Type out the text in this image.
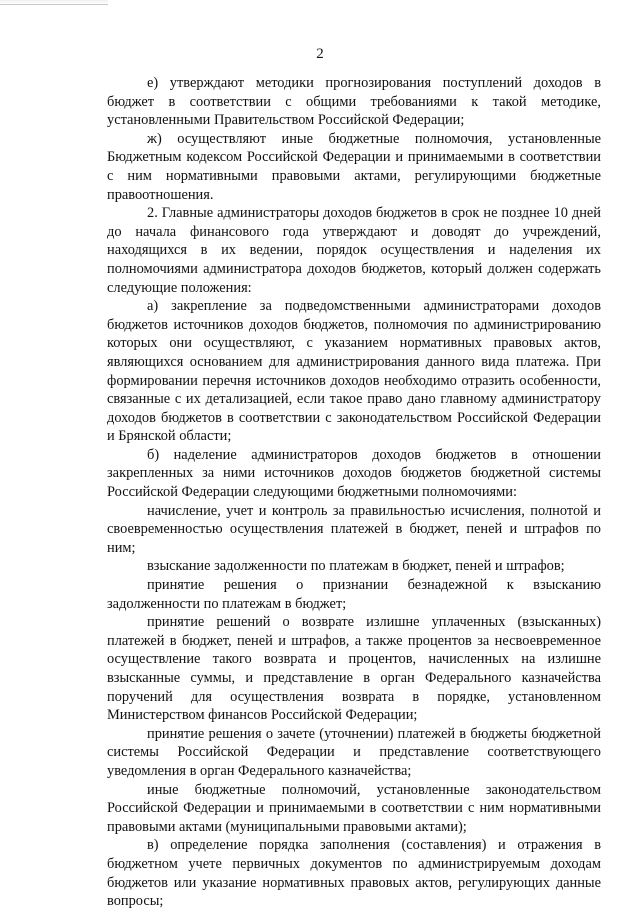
2

е) утверждают методики прогнозирования поступлений доходов в бюджет в соответствии с общими требованиями к такой методике, установленными Правительством Российской Федерации;

ж) осуществляют иные бюджетные полномочия, установленные Бюджетным кодексом Российской Федерации и принимаемыми в соответствии с ним нормативными правовыми актами, регулирующими бюджетные правоотношения.

2. Главные администраторы доходов бюджетов в срок не позднее 10 дней до начала финансового года утверждают и доводят до учреждений, находящихся в их ведении, порядок осуществления и наделения их полномочиями администратора доходов бюджетов, который должен содержать следующие положения:

а) закрепление за подведомственными администраторами доходов бюджетов источников доходов бюджетов, полномочия по администрированию которых они осуществляют, с указанием нормативных правовых актов, являющихся основанием для администрирования данного вида платежа. При формировании перечня источников доходов необходимо отразить особенности, связанные с их детализацией, если такое право дано главному администратору доходов бюджетов в соответствии с законодательством Российской Федерации и Брянской области;

б) наделение администраторов доходов бюджетов в отношении закрепленных за ними источников доходов бюджетов бюджетной системы Российской Федерации следующими бюджетными полномочиями:

начисление, учет и контроль за правильностью исчисления, полнотой и своевременностью осуществления платежей в бюджет, пеней и штрафов по ним;

взыскание задолженности по платежам в бюджет, пеней и штрафов;

принятие решения о признании безнадежной к взысканию задолженности по платежам в бюджет;

принятие решений о возврате излишне уплаченных (взысканных) платежей в бюджет, пеней и штрафов, а также процентов за несвоевременное осуществление такого возврата и процентов, начисленных на излишне взысканные суммы, и представление в орган Федерального казначейства поручений для осуществления возврата в порядке, установленном Министерством финансов Российской Федерации;

принятие решения о зачете (уточнении) платежей в бюджеты бюджетной системы Российской Федерации и представление соответствующего уведомления в орган Федерального казначейства;

иные бюджетные полномочий, установленные законодательством Российской Федерации и принимаемыми в соответствии с ним нормативными правовыми актами (муниципальными правовыми актами);

в) определение порядка заполнения (составления) и отражения в бюджетном учете первичных документов по администрируемым доходам бюджетов или указание нормативных правовых актов, регулирующих данные вопросы;
